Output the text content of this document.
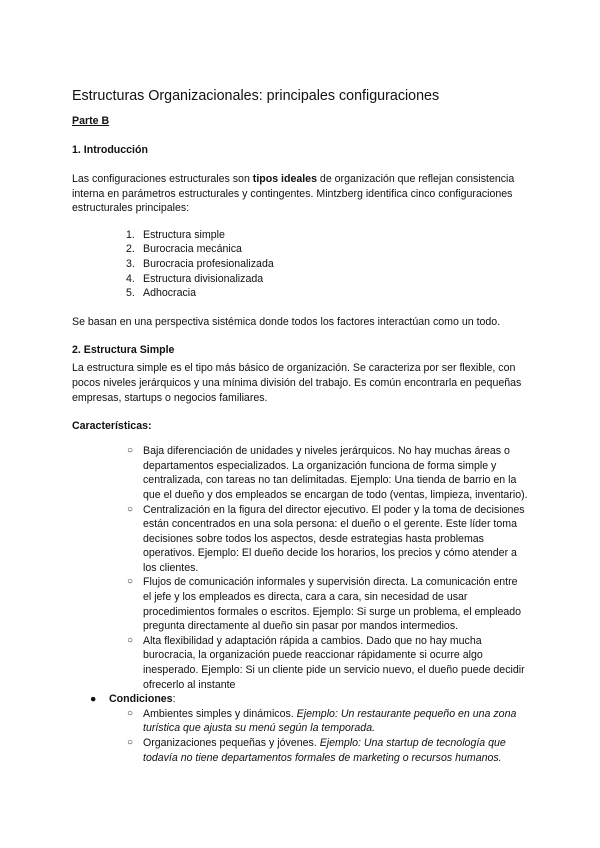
Estructuras Organizacionales: principales configuraciones
Parte B
1. Introducción
Las configuraciones estructurales son tipos ideales de organización que reflejan consistencia interna en parámetros estructurales y contingentes. Mintzberg identifica cinco configuraciones estructurales principales:
1. Estructura simple
2. Burocracia mecánica
3. Burocracia profesionalizada
4. Estructura divisionalizada
5. Adhocracia
Se basan en una perspectiva sistémica donde todos los factores interactúan como un todo.
2. Estructura Simple
La estructura simple es el tipo más básico de organización. Se caracteriza por ser flexible, con pocos niveles jerárquicos y una mínima división del trabajo. Es común encontrarla en pequeñas empresas, startups o negocios familiares.
Características:
○ Baja diferenciación de unidades y niveles jerárquicos. No hay muchas áreas o departamentos especializados. La organización funciona de forma simple y centralizada, con tareas no tan delimitadas. Ejemplo: Una tienda de barrio en la que el dueño y dos empleados se encargan de todo (ventas, limpieza, inventario).
○ Centralización en la figura del director ejecutivo. El poder y la toma de decisiones están concentrados en una sola persona: el dueño o el gerente. Este líder toma decisiones sobre todos los aspectos, desde estrategias hasta problemas operativos. Ejemplo: El dueño decide los horarios, los precios y cómo atender a los clientes.
○ Flujos de comunicación informales y supervisión directa. La comunicación entre el jefe y los empleados es directa, cara a cara, sin necesidad de usar procedimientos formales o escritos. Ejemplo: Si surge un problema, el empleado pregunta directamente al dueño sin pasar por mandos intermedios.
○ Alta flexibilidad y adaptación rápida a cambios. Dado que no hay mucha burocracia, la organización puede reaccionar rápidamente si ocurre algo inesperado. Ejemplo: Si un cliente pide un servicio nuevo, el dueño puede decidir ofrecerlo al instante
● Condiciones:
○ Ambientes simples y dinámicos. Ejemplo: Un restaurante pequeño en una zona turística que ajusta su menú según la temporada.
○ Organizaciones pequeñas y jóvenes. Ejemplo: Una startup de tecnología que todavía no tiene departamentos formales de marketing o recursos humanos.
